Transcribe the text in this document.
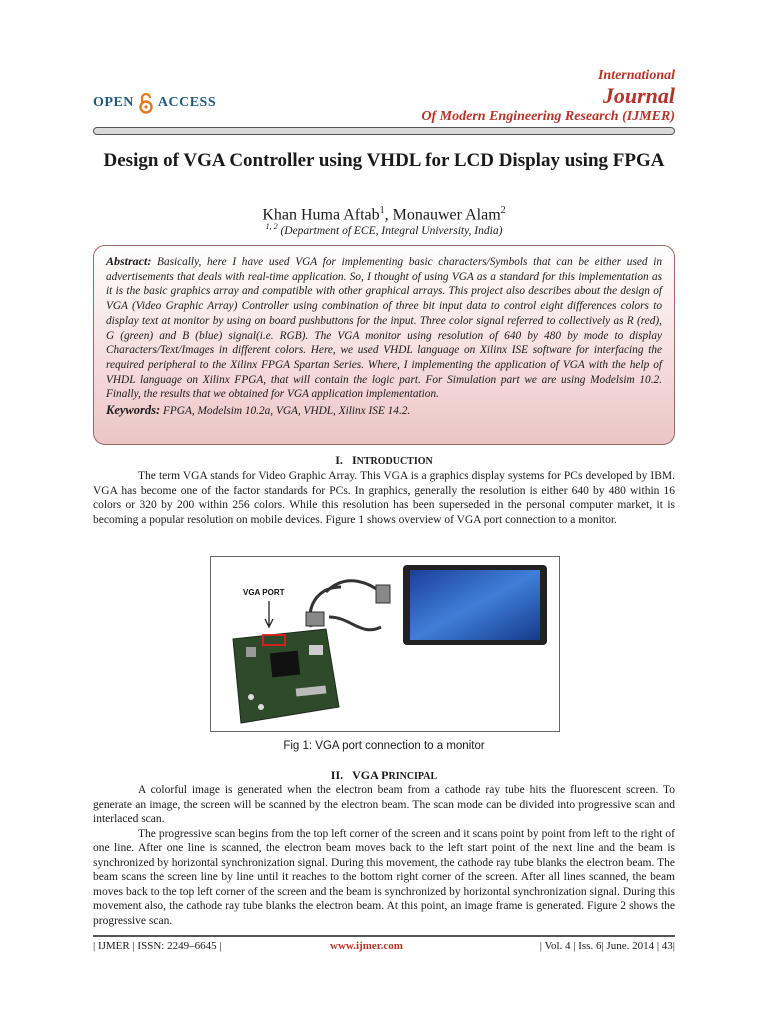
OPEN ACCESS
International
Journal
Of Modern Engineering Research (IJMER)
Design of VGA Controller using VHDL for LCD Display using FPGA
Khan Huma Aftab$^1$, Monauwer Alam$^2$
$^{1, 2}$ (Department of ECE, Integral University, India)

Abstract: Basically, here I have used VGA for implementing basic characters/Symbols that can be either used in advertisements that deals with real-time application. So, I thought of using VGA as a standard for this implementation as it is the basic graphics array and compatible with other graphical arrays. This project also describes about the design of VGA (Video Graphic Array) Controller using combination of three bit input data to control eight differences colors to display text at monitor by using on board pushbuttons for the input. Three color signal referred to collectively as R (red), G (green) and B (blue) signal(i.e. RGB). The VGA monitor using resolution of 640 by 480 by mode to display Characters/Text/Images in different colors. Here, we used VHDL language on Xilinx ISE software for interfacing the required peripheral to the Xilinx FPGA Spartan Series. Where, I implementing the application of VGA with the help of VHDL language on Xilinx FPGA, that will contain the logic part. For Simulation part we are using Modelsim 10.2. Finally, the results that we obtained for VGA application implementation.

Keywords: FPGA, Modelsim 10.2a, VGA, VHDL, Xilinx ISE 14.2.
I. INTRODUCTION

The term VGA stands for Video Graphic Array. This VGA is a graphics display systems for PCs developed by IBM. VGA has become one of the factor standards for PCs. In graphics, generally the resolution is either 640 by 480 within 16 colors or 320 by 200 within 256 colors. While this resolution has been superseded in the personal computer market, it is becoming a popular resolution on mobile devices. Figure 1 shows overview of VGA port connection to a monitor.

VGA PORT
Fig 1: VGA port connection to a monitor
II. VGA PRINCIPAL

A colorful image is generated when the electron beam from a cathode ray tube hits the fluorescent screen. To generate an image, the screen will be scanned by the electron beam. The scan mode can be divided into progressive scan and interlaced scan.

The progressive scan begins from the top left corner of the screen and it scans point by point from left to the right of one line. After one line is scanned, the electron beam moves back to the left start point of the next line and the beam is synchronized by horizontal synchronization signal. During this movement, the cathode ray tube blanks the electron beam. The beam scans the screen line by line until it reaches to the bottom right corner of the screen. After all lines scanned, the beam moves back to the top left corner of the screen and the beam is synchronized by horizontal synchronization signal. During this movement also, the cathode ray tube blanks the electron beam. At this point, an image frame is generated. Figure 2 shows the progressive scan.

| IJMER | ISSN: 2249–6645 |	www.ijmer.com	| Vol. 4 | Iss. 6| June. 2014 | 43|
